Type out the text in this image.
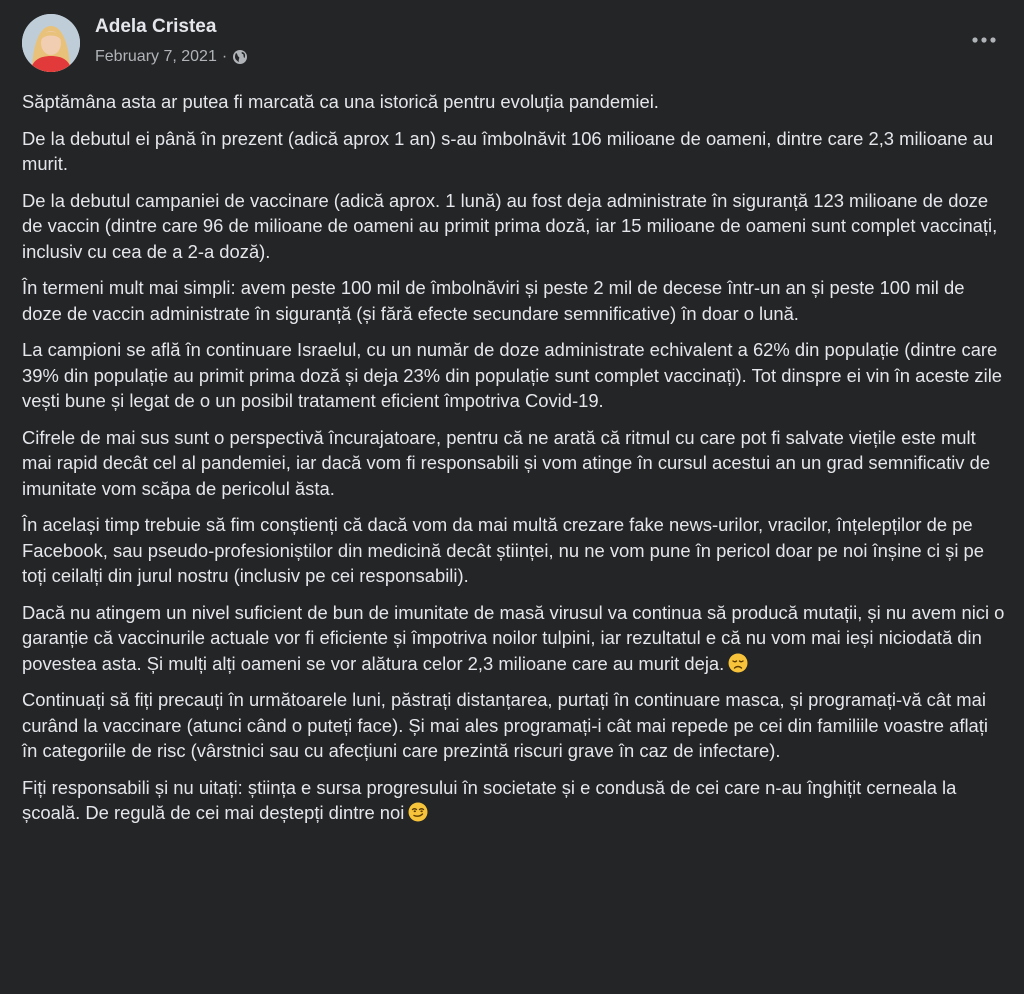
Adela Cristea
February 7, 2021 ·

Săptămâna asta ar putea fi marcată ca una istorică pentru evoluția pandemiei.

De la debutul ei până în prezent (adică aprox 1 an) s-au îmbolnăvit 106 milioane de oameni, dintre care 2,3 milioane au murit.

De la debutul campaniei de vaccinare (adică aprox. 1 lună) au fost deja administrate în siguranță 123 milioane de doze de vaccin (dintre care 96 de milioane de oameni au primit prima doză, iar 15 milioane de oameni sunt complet vaccinați, inclusiv cu cea de a 2-a doză).

În termeni mult mai simpli: avem peste 100 mil de îmbolnăviri și peste 2 mil de decese într-un an și peste 100 mil de doze de vaccin administrate în siguranță (și fără efecte secundare semnificative) în doar o lună.

La campioni se află în continuare Israelul, cu un număr de doze administrate echivalent a 62% din populație (dintre care 39% din populație au primit prima doză și deja 23% din populație sunt complet vaccinați). Tot dinspre ei vin în aceste zile vești bune și legat de o un posibil tratament eficient împotriva Covid-19.

Cifrele de mai sus sunt o perspectivă încurajatoare, pentru că ne arată că ritmul cu care pot fi salvate viețile este mult mai rapid decât cel al pandemiei, iar dacă vom fi responsabili și vom atinge în cursul acestui an un grad semnificativ de imunitate vom scăpa de pericolul ăsta.

În același timp trebuie să fim conștienți că dacă vom da mai multă crezare fake news-urilor, vracilor, înțelepților de pe Facebook, sau pseudo-profesioniștilor din medicină decât științei, nu ne vom pune în pericol doar pe noi înșine ci și pe toți ceilalți din jurul nostru (inclusiv pe cei responsabili).

Dacă nu atingem un nivel suficient de bun de imunitate de masă virusul va continua să producă mutații, și nu avem nici o garanție că vaccinurile actuale vor fi eficiente și împotriva noilor tulpini, iar rezultatul e că nu vom mai ieși niciodată din povestea asta. Și mulți alți oameni se vor alătura celor 2,3 milioane care au murit deja.

Continuați să fiți precauți în următoarele luni, păstrați distanțarea, purtați în continuare masca, și programați-vă cât mai curând la vaccinare (atunci când o puteți face). Și mai ales programați-i cât mai repede pe cei din familiile voastre aflați în categoriile de risc (vârstnici sau cu afecțiuni care prezintă riscuri grave în caz de infectare).

Fiți responsabili și nu uitați: știința e sursa progresului în societate și e condusă de cei care n-au înghițit cerneala la școală. De regulă de cei mai deștepți dintre noi
